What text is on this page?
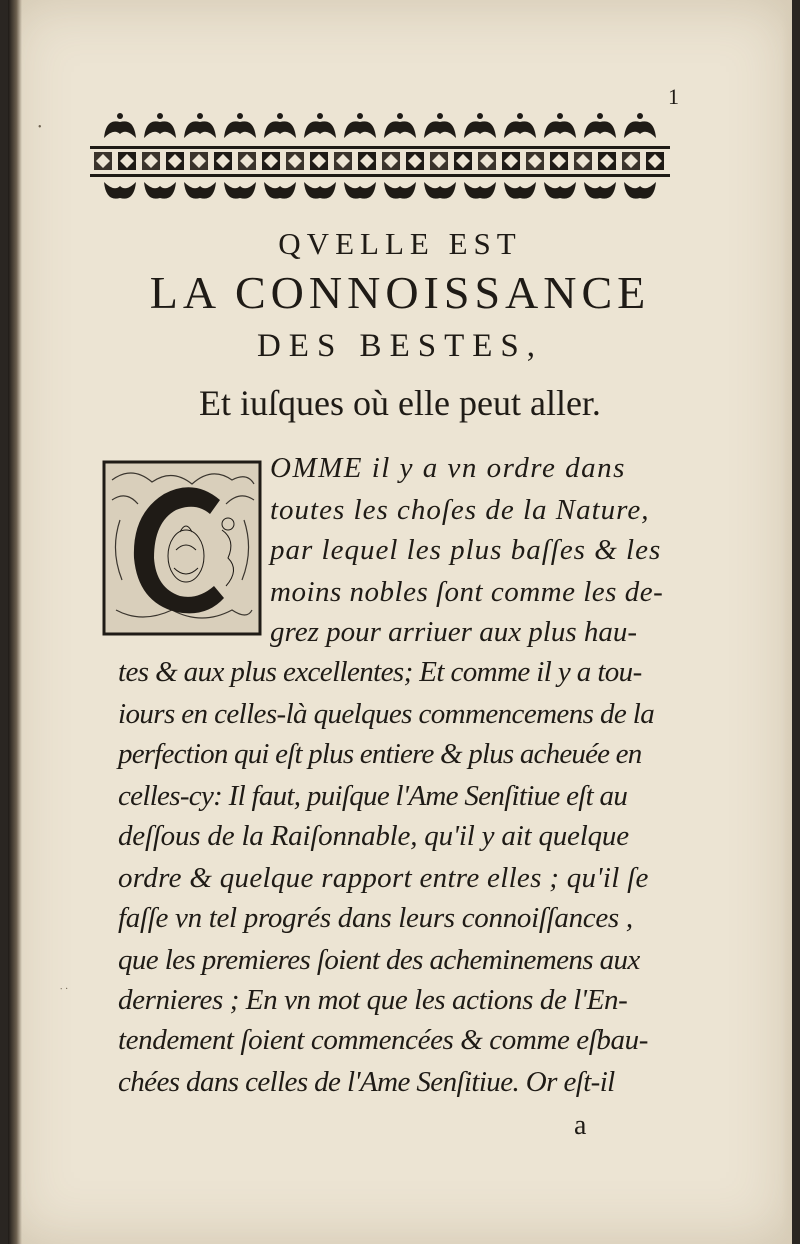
1
QVELLE EST
LA CONNOISSANCE
DES BESTES,
Et iuſques où elle peut aller.
OMME il y a vn ordre dans
toutes les choſes de la Nature,
par lequel les plus baſſes & les
moins nobles ſont comme les de-
grez pour arriuer aux plus hau-
tes & aux plus excellentes; Et comme il y a tou-
iours en celles-là quelques commencemens de la
perfection qui eſt plus entiere & plus acheuée en
celles-cy: Il faut, puiſque l'Ame Senſitiue eſt au
deſſous de la Raiſonnable, qu'il y ait quelque
ordre & quelque rapport entre elles ; qu'il ſe
faſſe vn tel progrés dans leurs connoiſſances ,
que les premieres ſoient des acheminemens aux
dernieres ; En vn mot que les actions de l'En-
tendement ſoient commencées & comme eſbau-
chées dans celles de l'Ame Senſitiue. Or eſt-il
a
•
∙ ·
